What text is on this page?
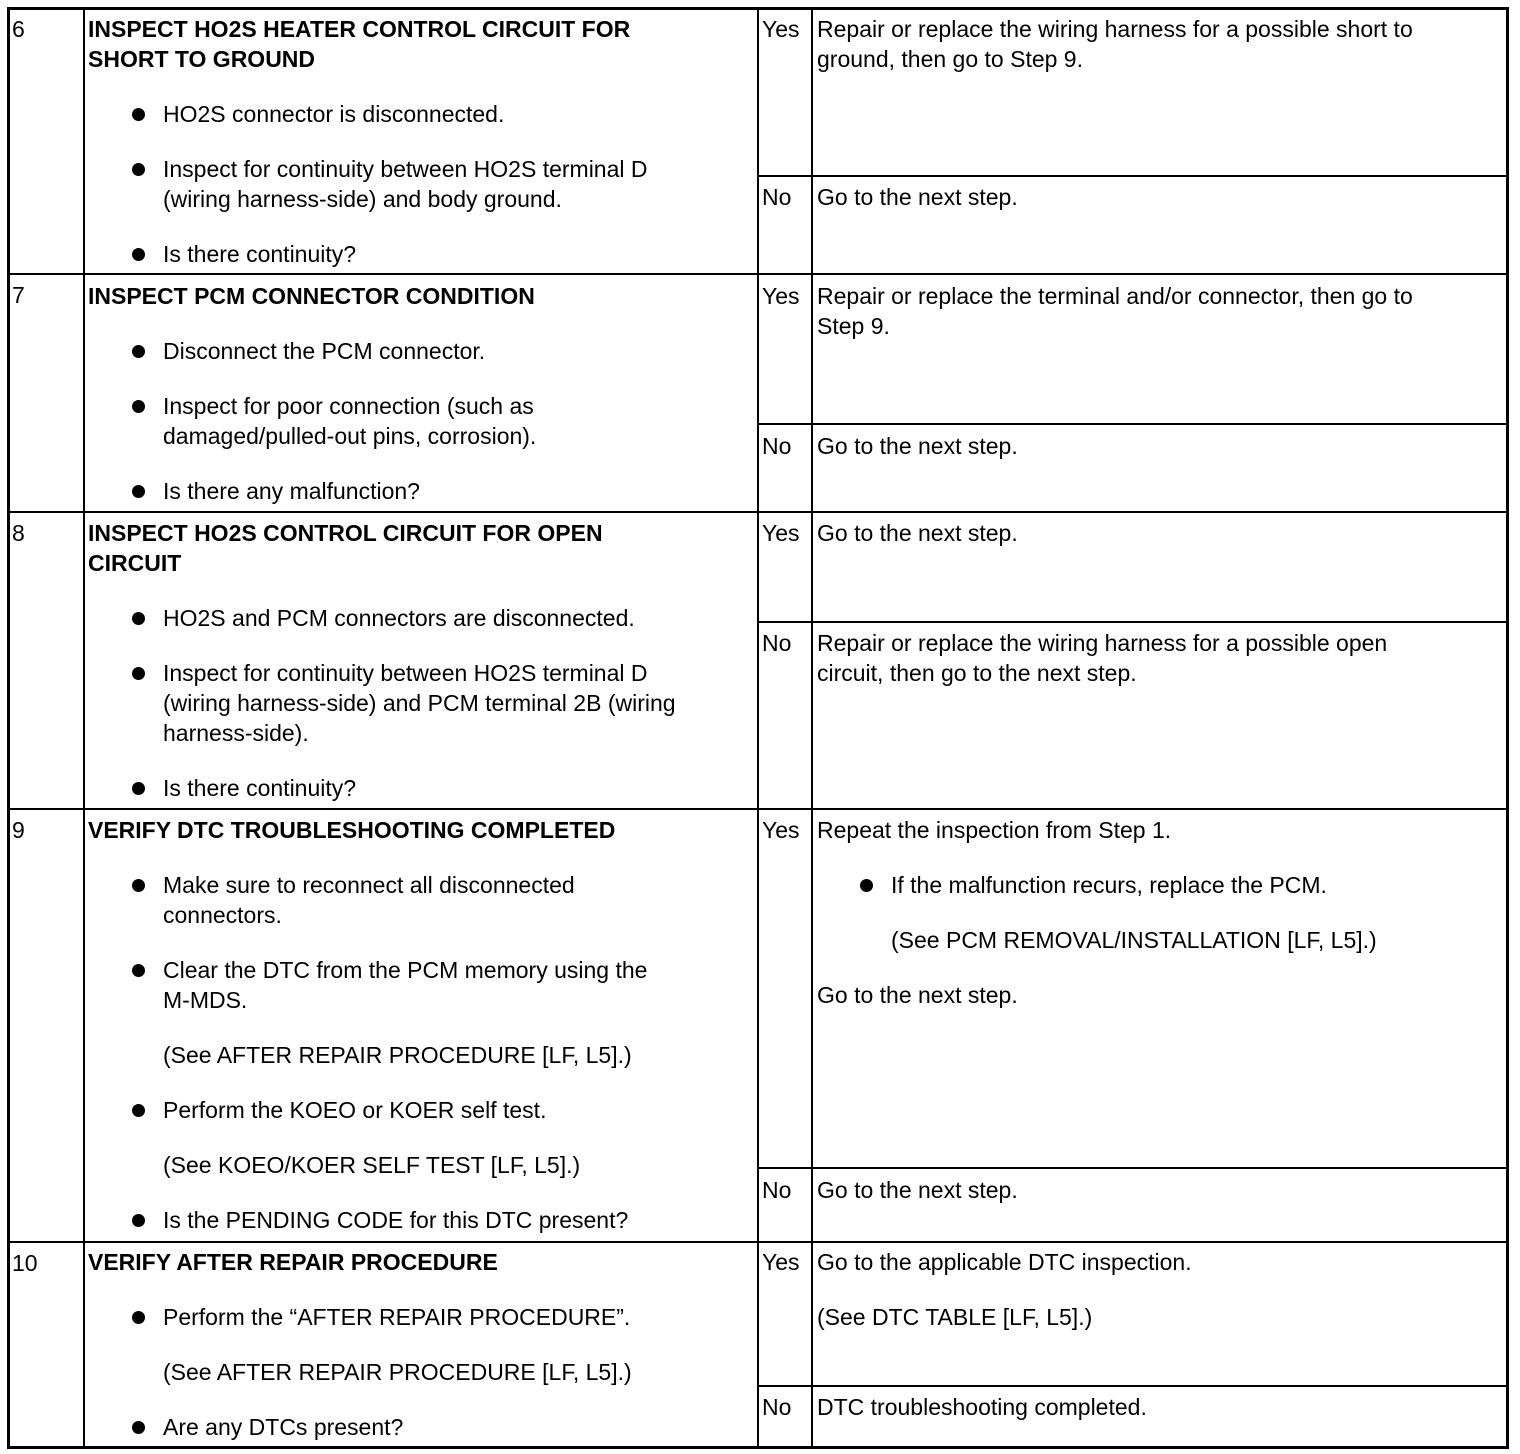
6	INSPECT HO2S HEATER CONTROL CIRCUIT FOR
SHORT TO GROUND
HO2S connector is disconnected.
Inspect for continuity between HO2S terminal D
(wiring harness-side) and body ground.
Is there continuity?
Yes Repair or replace the wiring harness for a possible short to
ground, then go to Step 9.
No Go to the next step.
7	INSPECT PCM CONNECTOR CONDITION
Disconnect the PCM connector.
Inspect for poor connection (such as
damaged/pulled-out pins, corrosion).
Is there any malfunction?
Yes Repair or replace the terminal and/or connector, then go to
Step 9.
No Go to the next step.
8	INSPECT HO2S CONTROL CIRCUIT FOR OPEN
CIRCUIT
HO2S and PCM connectors are disconnected.
Inspect for continuity between HO2S terminal D
(wiring harness-side) and PCM terminal 2B (wiring
harness-side).
Is there continuity?
Yes Go to the next step.
No Repair or replace the wiring harness for a possible open
circuit, then go to the next step.
9	VERIFY DTC TROUBLESHOOTING COMPLETED
Make sure to reconnect all disconnected
connectors.
Clear the DTC from the PCM memory using the
M-MDS.
(See AFTER REPAIR PROCEDURE [LF, L5].)
Perform the KOEO or KOER self test.
(See KOEO/KOER SELF TEST [LF, L5].)
Is the PENDING CODE for this DTC present?
Yes Repeat the inspection from Step 1.
If the malfunction recurs, replace the PCM.
(See PCM REMOVAL/INSTALLATION [LF, L5].)
Go to the next step.
No Go to the next step.
10 VERIFY AFTER REPAIR PROCEDURE
Perform the “AFTER REPAIR PROCEDURE”.
(See AFTER REPAIR PROCEDURE [LF, L5].)
Are any DTCs present?
Yes Go to the applicable DTC inspection.
(See DTC TABLE [LF, L5].)
No DTC troubleshooting completed.
